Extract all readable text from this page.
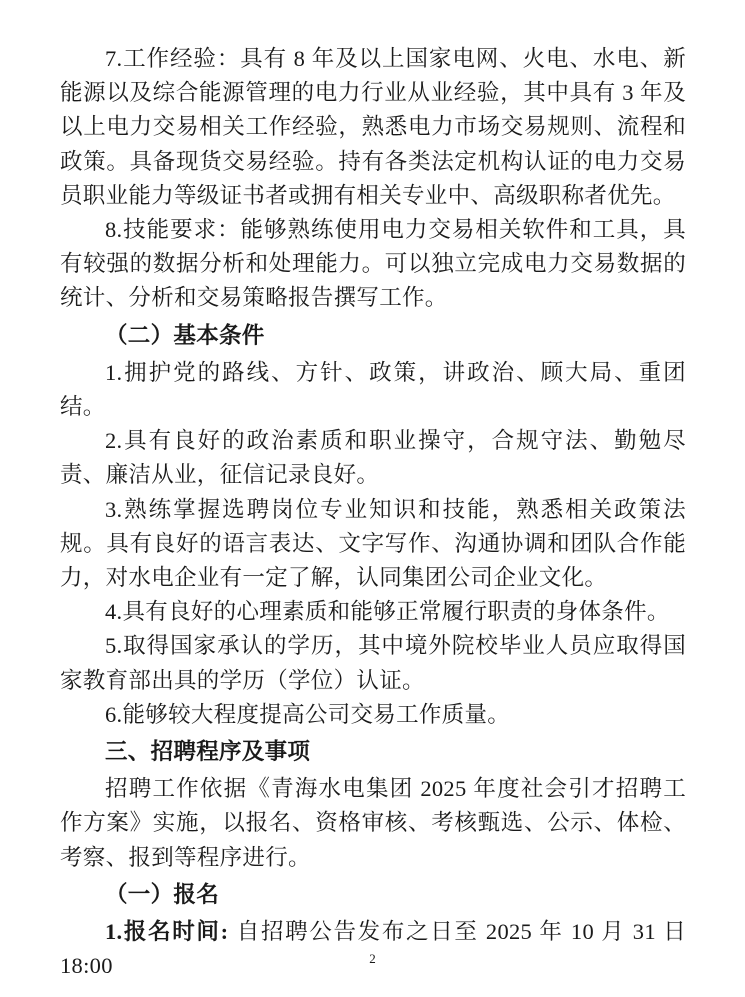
7.工作经验：具有 8 年及以上国家电网、火电、水电、新能源以及综合能源管理的电力行业从业经验，其中具有 3 年及以上电力交易相关工作经验，熟悉电力市场交易规则、流程和政策。具备现货交易经验。持有各类法定机构认证的电力交易员职业能力等级证书者或拥有相关专业中、高级职称者优先。

8.技能要求：能够熟练使用电力交易相关软件和工具，具有较强的数据分析和处理能力。可以独立完成电力交易数据的统计、分析和交易策略报告撰写工作。

（二）基本条件

1.拥护党的路线、方针、政策，讲政治、顾大局、重团结。

2.具有良好的政治素质和职业操守，合规守法、勤勉尽责、廉洁从业，征信记录良好。

3.熟练掌握选聘岗位专业知识和技能，熟悉相关政策法规。具有良好的语言表达、文字写作、沟通协调和团队合作能力，对水电企业有一定了解，认同集团公司企业文化。

4.具有良好的心理素质和能够正常履行职责的身体条件。

5.取得国家承认的学历，其中境外院校毕业人员应取得国家教育部出具的学历（学位）认证。

6.能够较大程度提高公司交易工作质量。

三、招聘程序及事项

招聘工作依据《青海水电集团 2025 年度社会引才招聘工作方案》实施，以报名、资格审核、考核甄选、公示、体检、考察、报到等程序进行。

（一）报名

1.报名时间: 自招聘公告发布之日至 2025 年 10 月 31 日 18:00	2
